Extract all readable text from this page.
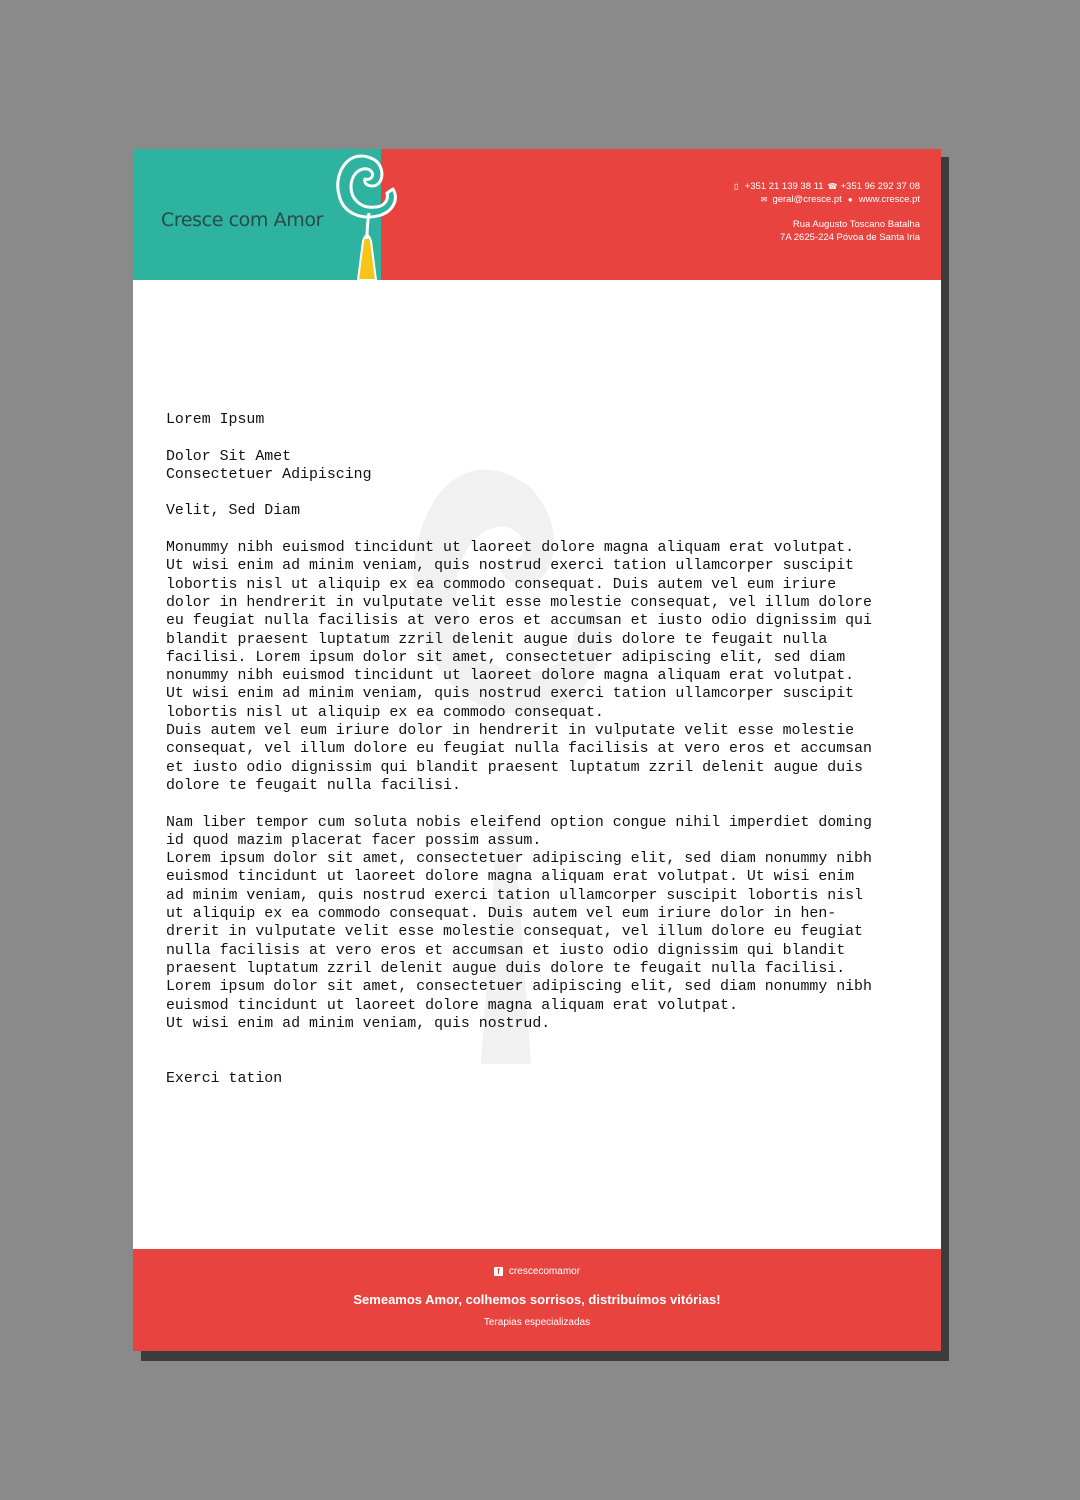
Cresce com Amor
▯ +351 21 139 38 11 ☎ +351 96 292 37 08
✉ geral@cresce.pt ● www.cresce.pt
Rua Augusto Toscano Batalha
7A 2625-224 Póvoa de Santa Iria
Lorem Ipsum
Dolor Sit Amet
Consectetuer Adipiscing
Velit, Sed Diam
Monummy nibh euismod tincidunt ut laoreet dolore magna aliquam erat volutpat.
Ut wisi enim ad minim veniam, quis nostrud exerci tation ullamcorper suscipit
lobortis nisl ut aliquip ex ea commodo consequat. Duis autem vel eum iriure
dolor in hendrerit in vulputate velit esse molestie consequat, vel illum dolore
eu feugiat nulla facilisis at vero eros et accumsan et iusto odio dignissim qui
blandit praesent luptatum zzril delenit augue duis dolore te feugait nulla
facilisi. Lorem ipsum dolor sit amet, consectetuer adipiscing elit, sed diam
nonummy nibh euismod tincidunt ut laoreet dolore magna aliquam erat volutpat.
Ut wisi enim ad minim veniam, quis nostrud exerci tation ullamcorper suscipit
lobortis nisl ut aliquip ex ea commodo consequat.
Duis autem vel eum iriure dolor in hendrerit in vulputate velit esse molestie
consequat, vel illum dolore eu feugiat nulla facilisis at vero eros et accumsan
et iusto odio dignissim qui blandit praesent luptatum zzril delenit augue duis
dolore te feugait nulla facilisi.
Nam liber tempor cum soluta nobis eleifend option congue nihil imperdiet doming
id quod mazim placerat facer possim assum.
Lorem ipsum dolor sit amet, consectetuer adipiscing elit, sed diam nonummy nibh
euismod tincidunt ut laoreet dolore magna aliquam erat volutpat. Ut wisi enim
ad minim veniam, quis nostrud exerci tation ullamcorper suscipit lobortis nisl
ut aliquip ex ea commodo consequat. Duis autem vel eum iriure dolor in hen-
drerit in vulputate velit esse molestie consequat, vel illum dolore eu feugiat
nulla facilisis at vero eros et accumsan et iusto odio dignissim qui blandit
praesent luptatum zzril delenit augue duis dolore te feugait nulla facilisi.
Lorem ipsum dolor sit amet, consectetuer adipiscing elit, sed diam nonummy nibh
euismod tincidunt ut laoreet dolore magna aliquam erat volutpat.
Ut wisi enim ad minim veniam, quis nostrud.
Exerci tation
f crescecomamor
Semeamos Amor, colhemos sorrisos, distribuímos vitórias!
Terapias especializadas
